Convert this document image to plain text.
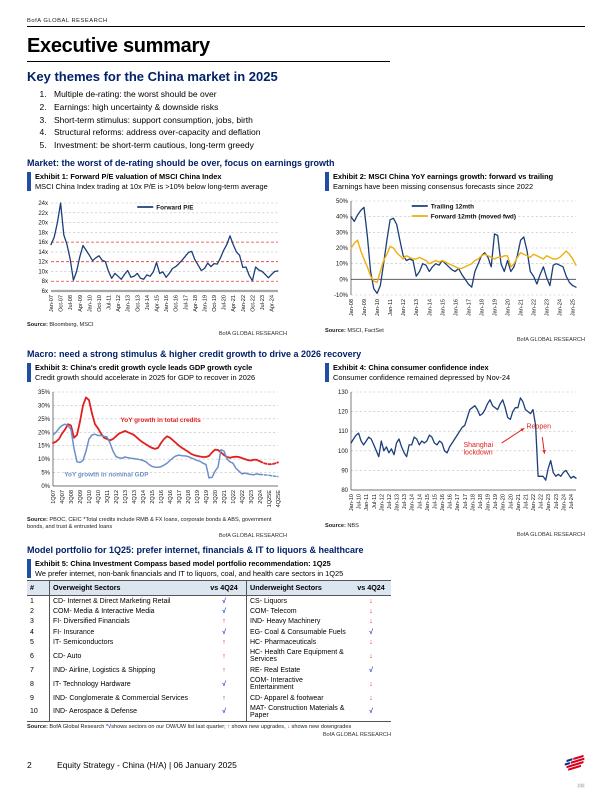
BofA GLOBAL RESEARCH
Executive summary
Key themes for the China market in 2025
1. Multiple de-rating: the worst should be over
2. Earnings: high uncertainty & downside risks
3. Short-term stimulus: support consumption, jobs, birth
4. Structural reforms: address over-capacity and deflation
5. Investment: be short-term cautious, long-term greedy
Market: the worst of de-rating should be over, focus on earnings growth
Exhibit 1: Forward P/E valuation of MSCI China Index
MSCI China Index trading at 10x P/E is >10% below long-term average
24x
22x
20x
18x
16x
14x
12x
10x
8x
6x
Jan-07 Oct-07 Jul-08 Apr-09 Jan-10 Oct-10 Jul-11 Apr-12 Jan-13 Oct-13 Jul-14 Apr-15 Jan-16 Oct-16 Jul-17 Apr-18 Jan-19 Oct-19 Jul-20 Apr-21 Jan-22 Oct-22 Jul-23 Apr-24
Forward P/E
Source: Bloomberg, MSCI
BofA GLOBAL RESEARCH
Exhibit 2: MSCI China YoY earnings growth: forward vs trailing
Earnings have been missing consensus forecasts since 2022
50%
40%
30%
20%
10%
0%
-10%
Jan-08 Jan-09 Jan-10 Jan-11 Jan-12 Jan-13 Jan-14 Jan-15 Jan-16 Jan-17 Jan-18 Jan-19 Jan-20 Jan-21 Jan-22 Jan-23 Jan-24 Jan-25
Trailing 12mth
Forward 12mth (moved fwd)
Source: MSCI, FactSet
BofA GLOBAL RESEARCH
Macro: need a strong stimulus & higher credit growth to drive a 2026 recovery
Exhibit 3: China's credit growth cycle leads GDP growth cycle
Credit growth should accelerate in 2025 for GDP to recover in 2026
35%
30%
25%
20%
15%
10%
5%
0%
1Q07 4Q07 3Q08 2Q09 1Q10 4Q10 3Q11 2Q12 1Q13 4Q13 3Q14 2Q15 1Q16 4Q16 3Q17 2Q18 1Q19 4Q19 3Q20 2Q21 1Q22 4Q22 3Q23 2Q24 1Q25E 4Q25E
YoY growth in total credits
YoY growth in nominal GDP
Source: PBOC, CEIC *Total credits include RMB & FX loans, corporate bonds & ABS, government bonds, and trust & entrusted loans
BofA GLOBAL RESEARCH
Exhibit 4: China consumer confidence index
Consumer confidence remained depressed by Nov-24
130
120
110
100
90
80
Jan-10 Jul-10 Jan-11 Jul-11 Jan-12 Jul-12 Jan-13 Jul-13 Jan-14 Jul-14 Jan-15 Jul-15 Jan-16 Jul-16 Jan-17 Jul-17 Jan-18 Jul-18 Jan-19 Jul-19 Jan-20 Jul-20 Jan-21 Jul-21 Jan-22 Jul-22 Jan-23 Jul-23 Jan-24 Jul-24
Shanghai lockdown
Reopen
Source: NBS
BofA GLOBAL RESEARCH
Model portfolio for 1Q25: prefer internet, financials & IT to liquors & healthcare
Exhibit 5: China Investment Compass based model portfolio recommendation: 1Q25
We prefer internet, non-bank financials and IT to liquors, coal, and health care sectors in 1Q25
#	Overweight Sectors	vs 4Q24	Underweight Sectors	vs 4Q24
1	CD- Internet & Direct Marketing Retail	√	CS- Liquors	↓
2	COM- Media & Interactive Media	√	COM- Telecom	↓
3	FI- Diversified Financials	↑	IND- Heavy Machinery	↓
4	FI- Insurance	√	EG- Coal & Consumable Fuels	√
5	IT- Semiconductors	↑	HC- Pharmaceuticals	↓
6	CD- Auto	↑	HC- Health Care Equipment & Services	↓
7	IND- Airline, Logistics & Shipping	↑	RE- Real Estate	√
8	IT- Technology Hardware	√	COM- Interactive Entertainment	↓
9	IND- Conglomerate & Commercial Services	↑	CD- Apparel & footwear	↓
10	IND- Aerospace & Defense	√	MAT- Construction Materials & Paper	√
Source: BofA Global Research *√shows sectors on our OW/UW list last quarter; ↑ shows new upgrades, ↓ shows new downgrades
BofA GLOBAL RESEARCH
2	Equity Strategy - China (H/A) | 06 January 2025
CB
